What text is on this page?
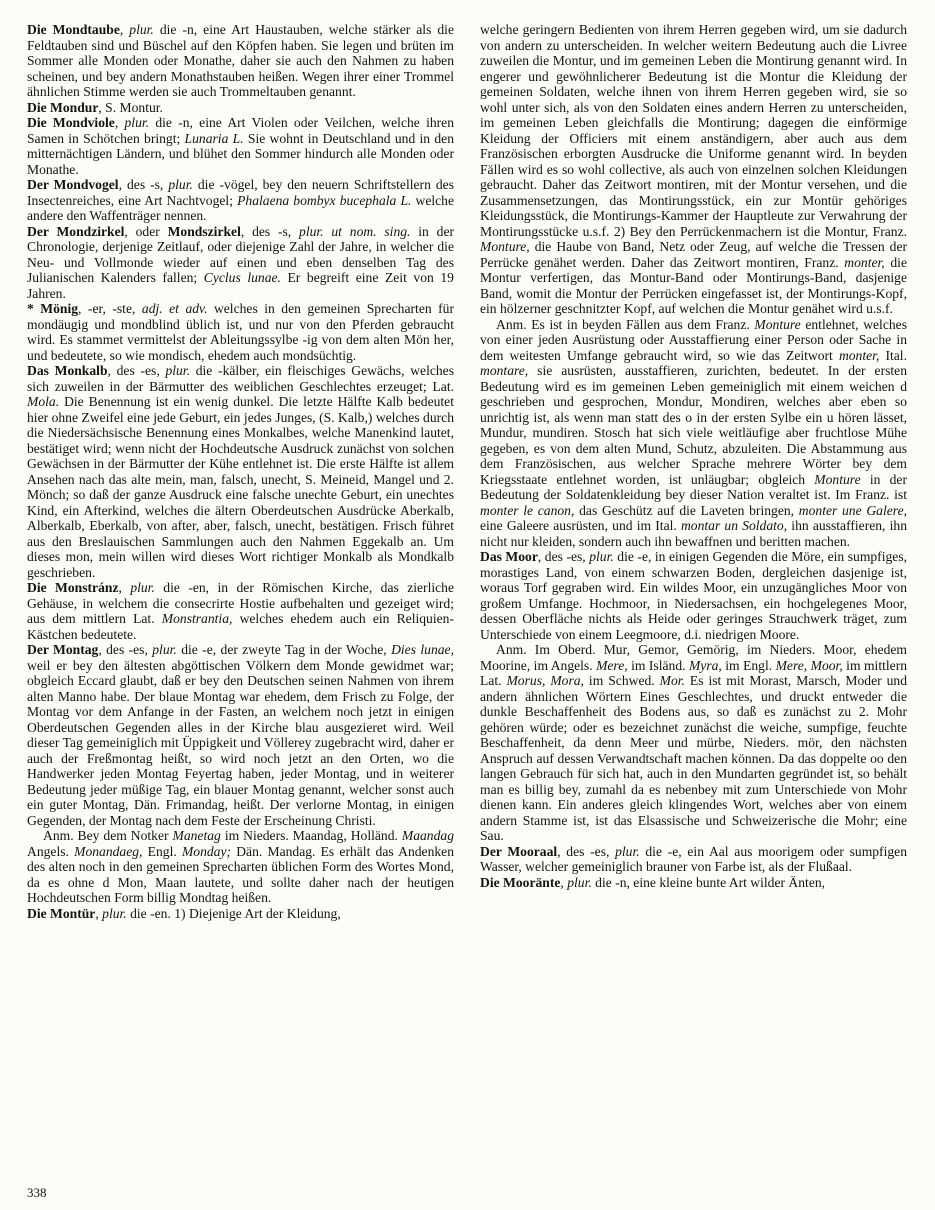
Die Mondtaube, plur. die -n, eine Art Haustauben, welche stärker als die Feldtauben sind und Büschel auf den Köpfen haben. Sie legen und brüten im Sommer alle Monden oder Monathe, daher sie auch den Nahmen zu haben scheinen, und bey andern Monathstauben heißen. Wegen ihrer einer Trommel ähnlichen Stimme werden sie auch Trommeltauben genannt.

Die Mondur, S. Montur.

Die Mondviole, plur. die -n, eine Art Violen oder Veilchen, welche ihren Samen in Schötchen bringt; Lunaria L. Sie wohnt in Deutschland und in den mitternächtigen Ländern, und blühet den Sommer hindurch alle Monden oder Monathe.

Der Mondvogel, des -s, plur. die -vögel, bey den neuern Schriftstellern des Insectenreiches, eine Art Nachtvogel; Phalaena bombyx bucephala L. welche andere den Waffenträger nennen.

Der Mondzirkel, oder Mondszirkel, des -s, plur. ut nom. sing. in der Chronologie, derjenige Zeitlauf, oder diejenige Zahl der Jahre, in welcher die Neu- und Vollmonde wieder auf einen und eben denselben Tag des Julianischen Kalenders fallen; Cyclus lunae. Er begreift eine Zeit von 19 Jahren.

* Mönig, -er, -ste, adj. et adv. welches in den gemeinen Sprecharten für mondäugig und mondblind üblich ist, und nur von den Pferden gebraucht wird. Es stammet vermittelst der Ableitungssylbe -ig von dem alten Mön her, und bedeutete, so wie mondisch, ehedem auch mondsüchtig.

Das Monkalb, des -es, plur. die -kälber, ein fleischiges Gewächs, welches sich zuweilen in der Bärmutter des weiblichen Geschlechtes erzeuget; Lat. Mola. Die Benennung ist ein wenig dunkel. Die letzte Hälfte Kalb bedeutet hier ohne Zweifel eine jede Geburt, ein jedes Junges, (S. Kalb,) welches durch die Niedersächsische Benennung eines Monkalbes, welche Manenkind lautet, bestätiget wird; wenn nicht der Hochdeutsche Ausdruck zunächst von solchen Gewächsen in der Bärmutter der Kühe entlehnet ist. Die erste Hälfte ist allem Ansehen nach das alte mein, man, falsch, unecht, S. Meineid, Mangel und 2. Mönch; so daß der ganze Ausdruck eine falsche unechte Geburt, ein unechtes Kind, ein Afterkind, welches die ältern Oberdeutschen Ausdrücke Aberkalb, Alberkalb, Eberkalb, von after, aber, falsch, unecht, bestätigen. Frisch führet aus den Breslauischen Sammlungen auch den Nahmen Eggekalb an. Um dieses mon, mein willen wird dieses Wort richtiger Monkalb als Mondkalb geschrieben.

Die Monstránz, plur. die -en, in der Römischen Kirche, das zierliche Gehäuse, in welchem die consecrirte Hostie aufbehalten und gezeiget wird; aus dem mittlern Lat. Monstrantia, welches ehedem auch ein Reliquien-Kästchen bedeutete.

Der Montag, des -es, plur. die -e, der zweyte Tag in der Woche, Dies lunae, weil er bey den ältesten abgöttischen Völkern dem Monde gewidmet war; obgleich Eccard glaubt, daß er bey den Deutschen seinen Nahmen von ihrem alten Manno habe. Der blaue Montag war ehedem, dem Frisch zu Folge, der Montag vor dem Anfange in der Fasten, an welchem noch jetzt in einigen Oberdeutschen Gegenden alles in der Kirche blau ausgezieret wird. Weil dieser Tag gemeiniglich mit Üppigkeit und Völlerey zugebracht wird, daher er auch der Freßmontag heißt, so wird noch jetzt an den Orten, wo die Handwerker jeden Montag Feyertag haben, jeder Montag, und in weiterer Bedeutung jeder müßige Tag, ein blauer Montag genannt, welcher sonst auch ein guter Montag, Dän. Frimandag, heißt. Der verlorne Montag, in einigen Gegenden, der Montag nach dem Feste der Erscheinung Christi.

Anm. Bey dem Notker Manetag im Nieders. Maandag, Holländ. Maandag Angels. Monandaeg, Engl. Monday; Dän. Mandag. Es erhält das Andenken des alten noch in den gemeinen Sprecharten üblichen Form des Wortes Mond, da es ohne d Mon, Maan lautete, und sollte daher nach der heutigen Hochdeutschen Form billig Mondtag heißen.

Die Montür, plur. die -en. 1) Diejenige Art der Kleidung,

welche geringern Bedienten von ihrem Herren gegeben wird, um sie dadurch von andern zu unterscheiden. In welcher weitern Bedeutung auch die Livree zuweilen die Montur, und im gemeinen Leben die Montirung genannt wird. In engerer und gewöhnlicherer Bedeutung ist die Montur die Kleidung der gemeinen Soldaten, welche ihnen von ihrem Herren gegeben wird, sie so wohl unter sich, als von den Soldaten eines andern Herren zu unterscheiden, im gemeinen Leben gleichfalls die Montirung; dagegen die einförmige Kleidung der Officiers mit einem anständigern, aber auch aus dem Französischen erborgten Ausdrucke die Uniforme genannt wird. In beyden Fällen wird es so wohl collective, als auch von einzelnen solchen Kleidungen gebraucht. Daher das Zeitwort montiren, mit der Montur versehen, und die Zusammensetzungen, das Montirungsstück, ein zur Montür gehöriges Kleidungsstück, die Montirungs-Kammer der Hauptleute zur Verwahrung der Montirungsstücke u.s.f. 2) Bey den Perrückenmachern ist die Montur, Franz. Monture, die Haube von Band, Netz oder Zeug, auf welche die Tressen der Perrücke genähet werden. Daher das Zeitwort montiren, Franz. monter, die Montur verfertigen, das Montur-Band oder Montirungs-Band, dasjenige Band, womit die Montur der Perrücken eingefasset ist, der Montirungs-Kopf, ein hölzerner geschnitzter Kopf, auf welchen die Montur genähet wird u.s.f.

Anm. Es ist in beyden Fällen aus dem Franz. Monture entlehnet, welches von einer jeden Ausrüstung oder Ausstaffierung einer Person oder Sache in dem weitesten Umfange gebraucht wird, so wie das Zeitwort monter, Ital. montare, sie ausrüsten, ausstaffieren, zurichten, bedeutet. In der ersten Bedeutung wird es im gemeinen Leben gemeiniglich mit einem weichen d geschrieben und gesprochen, Mondur, Mondiren, welches aber eben so unrichtig ist, als wenn man statt des o in der ersten Sylbe ein u hören lässet, Mundur, mundiren. Stosch hat sich viele weitläufige aber fruchtlose Mühe gegeben, es von dem alten Mund, Schutz, abzuleiten. Die Abstammung aus dem Französischen, aus welcher Sprache mehrere Wörter bey dem Kriegsstaate entlehnet worden, ist unläugbar; obgleich Monture in der Bedeutung der Soldatenkleidung bey dieser Nation veraltet ist. Im Franz. ist monter le canon, das Geschütz auf die Laveten bringen, monter une Galere, eine Galeere ausrüsten, und im Ital. montar un Soldato, ihn ausstaffieren, ihn nicht nur kleiden, sondern auch ihn bewaffnen und beritten machen.

Das Moor, des -es, plur. die -e, in einigen Gegenden die Möre, ein sumpfiges, morastiges Land, von einem schwarzen Boden, dergleichen dasjenige ist, woraus Torf gegraben wird. Ein wildes Moor, ein unzugängliches Moor von großem Umfange. Hochmoor, in Niedersachsen, ein hochgelegenes Moor, dessen Oberfläche nichts als Heide oder geringes Strauchwerk träget, zum Unterschiede von einem Leegmoore, d.i. niedrigen Moore.

Anm. Im Oberd. Mur, Gemor, Gemörig, im Nieders. Moor, ehedem Moorine, im Angels. Mere, im Isländ. Myra, im Engl. Mere, Moor, im mittlern Lat. Morus, Mora, im Schwed. Mor. Es ist mit Morast, Marsch, Moder und andern ähnlichen Wörtern Eines Geschlechtes, und druckt entweder die dunkle Beschaffenheit des Bodens aus, so daß es zunächst zu 2. Mohr gehören würde; oder es bezeichnet zunächst die weiche, sumpfige, feuchte Beschaffenheit, da denn Meer und mürbe, Nieders. mör, den nächsten Anspruch auf dessen Verwandtschaft machen können. Da das doppelte oo den langen Gebrauch für sich hat, auch in den Mundarten gegründet ist, so behält man es billig bey, zumahl da es nebenbey mit zum Unterschiede von Mohr dienen kann. Ein anderes gleich klingendes Wort, welches aber von einem andern Stamme ist, ist das Elsassische und Schweizerische die Mohr; eine Sau.

Der Mooraal, des -es, plur. die -e, ein Aal aus moorigem oder sumpfigen Wasser, welcher gemeiniglich brauner von Farbe ist, als der Flußaal.

Die Mooränte, plur. die -n, eine kleine bunte Art wilder Änten,

338
